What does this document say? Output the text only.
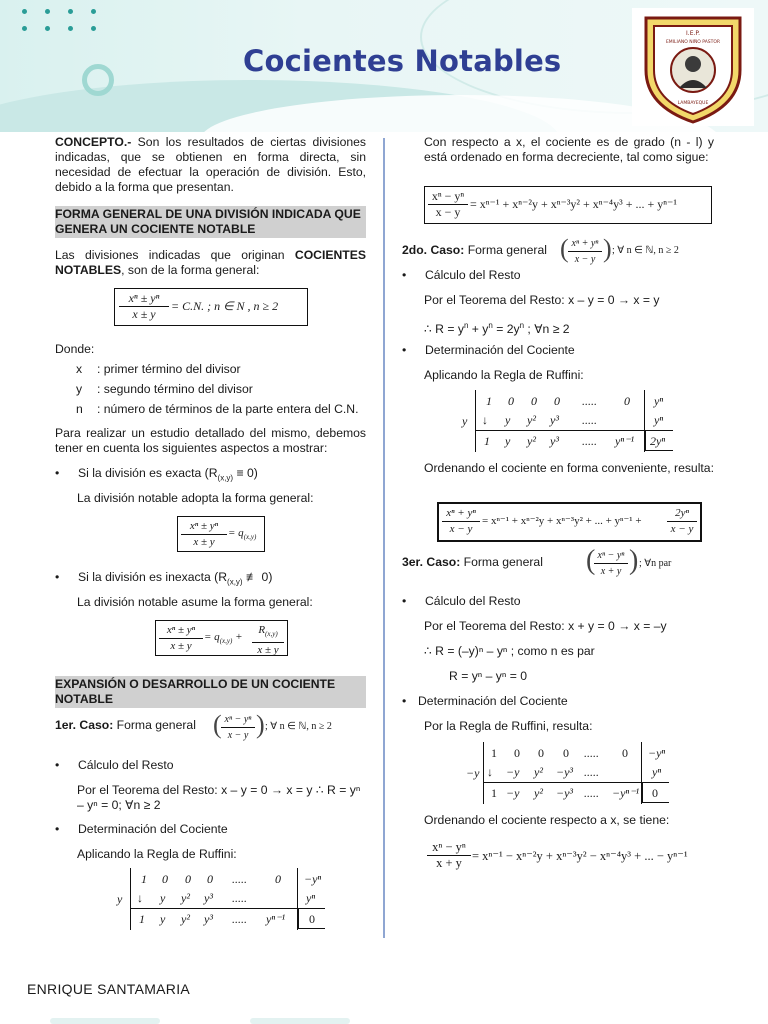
Cocientes Notables
I.E.P.
EMILIANO NIÑO PASTOR
LAMBAYEQUE

CONCEPTO.- Son los resultados de ciertas divisiones indicadas, que se obtienen en forma directa, sin necesidad de efectuar la operación de división. Esto, debido a la forma que presentan.

FORMA GENERAL DE UNA DIVISIÓN INDICADA QUE GENERA UN COCIENTE NOTABLE

Las divisiones indicadas que originan COCIENTES NOTABLES, son de la forma general:

$\frac{\text{xⁿ ± yⁿ}}{x \pm y} = C.N$. ; n ∈ N , n ≥ 2

Donde:

x : primer término del divisor
y : segundo término del divisor
n : número de términos de la parte entera del C.N.

Para realizar un estudio detallado del mismo, debemos tener en cuenta los siguientes aspectos a mostrar:

• Si la división es exacta $(R_{(x,y)} \equiv 0)$

La división notable adopta la forma general:

$\frac{\text{xⁿ ± yⁿ}}{x \pm y} = q_{(x,y)}$
• Si la división es inexacta ($R_{(x,y)}$ ≢ 0)

La división notable asume la forma general:

$\frac{\text{xⁿ ± yⁿ}}{x \pm y} = q_{(x,y)} + \frac{R_{(x,y)}}{x \pm y}$
EXPANSIÓN O DESARROLLO DE UN COCIENTE NOTABLE

1er. Caso: Forma general ( $\frac{\text{xⁿ − yⁿ}}{x - y}$ ) ; ∀ n ∈ ℕ, n ≥ 2
• Cálculo del Resto

Por el Teorema del Resto: x – y = 0 → x = y ∴ R = yⁿ – yⁿ = 0; ∀n ≥ 2

• Determinación del Cociente

Aplicando la Regla de Ruffini:

y
1 0 0 0 ..... 0 −yⁿ
↓ y y² y³ .....	yⁿ
1 y y² y³ ..... yⁿ⁻¹ 0

Con respecto a x, el cociente es de grado (n - l) y está ordenado en forma decreciente, tal como sigue:

$\frac{\text{xⁿ − yⁿ}}{x - y} = x^{n-1} + x^{n-2}y + x^{n-3}y^2 + x^{n-4}y^3$ + ... + yⁿ⁻¹

2do. Caso: Forma general ( $\frac{\text{xⁿ + yⁿ}}{x - y}$ ) ; ∀ n ∈ ℕ, n ≥ 2
• Cálculo del Resto

Por el Teorema del Resto: x – y = 0 → x = y

∴ $R = y^n + y^n = 2y^n$ ; ∀n ≥ 2

• Determinación del Cociente

Aplicando la Regla de Ruffini:

y
1 0 0 0 ..... 0 yⁿ
↓ y y² y³ .....	yⁿ
1 y y² y³ ..... yⁿ⁻¹ 2yⁿ

Ordenando el cociente en forma conveniente, resulta:

$\frac{\text{xⁿ + yⁿ}}{x - y} = x^{n-1} + x^{n-2}y + x^{n-3}y^2$ + ... + $y^{n-1} + \frac{\text{2yⁿ}}{x - y}$

3er. Caso: Forma general (
$\frac{\text{xⁿ − yⁿ}}{x + y}$ ) ; ∀n par
• Cálculo del Resto

Por el Teorema del Resto: x + y = 0 → x = –y

∴ R = (–y)ⁿ – yⁿ ; como n es par

R = yⁿ – yⁿ = 0

• Determinación del Cociente

Por la Regla de Ruffini, resulta:

−y
1 0 0 0 ..... 0 −yⁿ
↓ −y y² −y³ .....	yⁿ
1 −y y² −y³ ..... −yⁿ⁻¹ 0

Ordenando el cociente respecto a x, se tiene:

$\frac{\text{xⁿ − yⁿ}}{x + y} = x^{n-1} - x^{n-2}y + x^{n-3}y^2 - x^{n-4}y^3$ + ... − yⁿ⁻¹
ENRIQUE SANTAMARIA
